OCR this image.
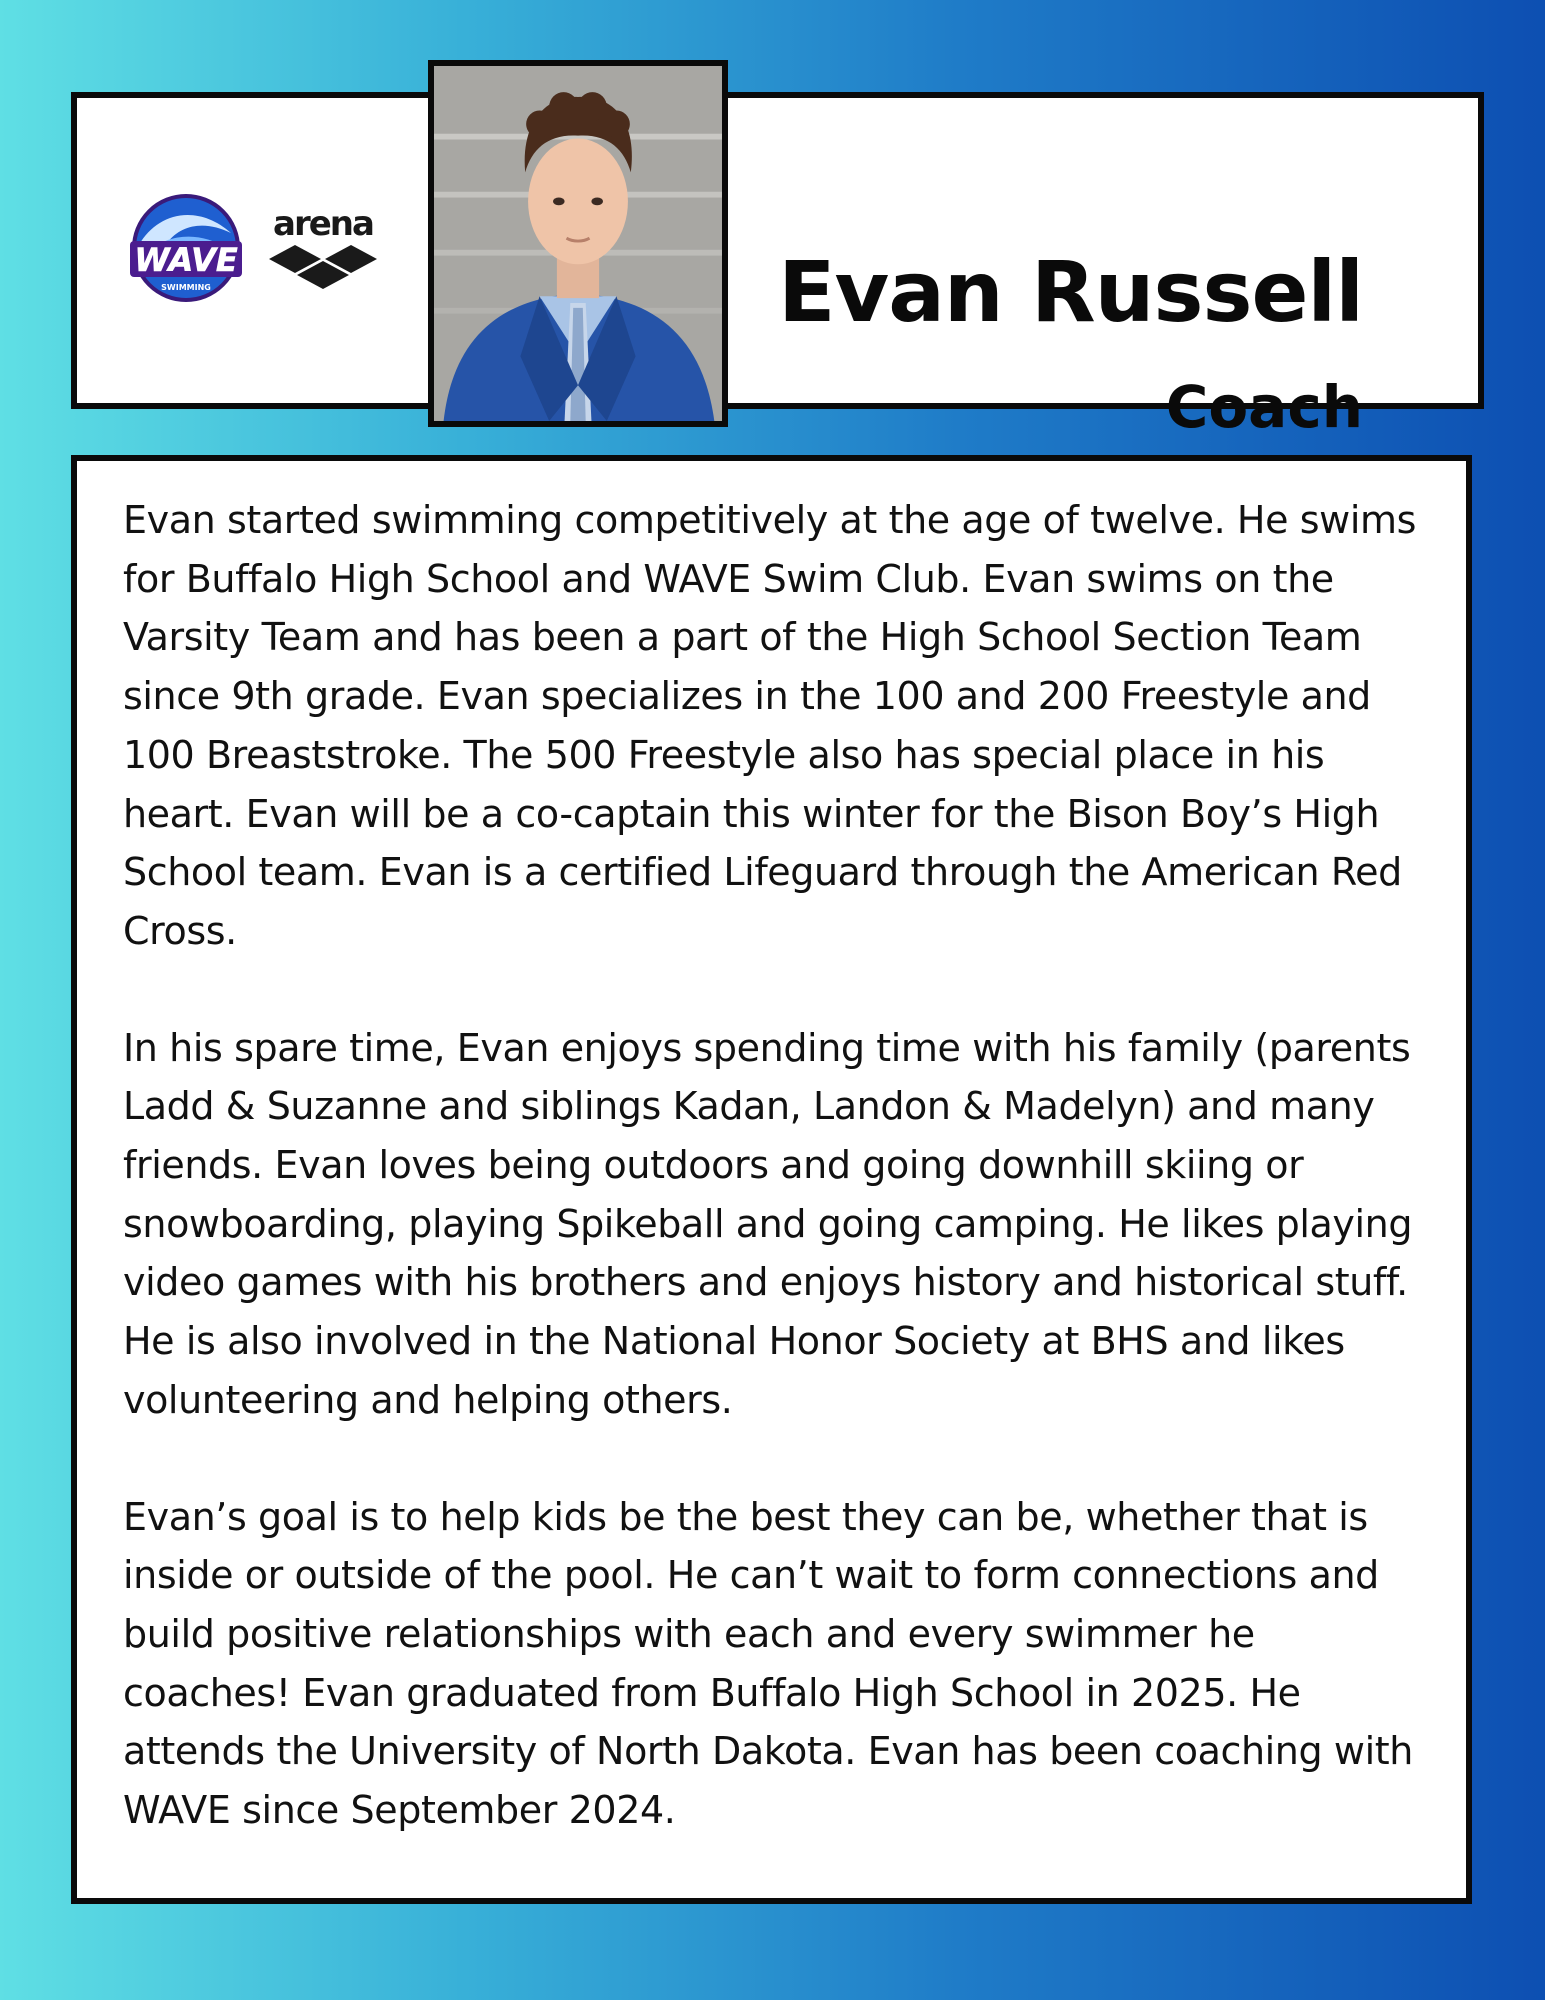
WAVE
SWIMMING
arena
Evan Russell
Coach

Evan started swimming competitively at the age of twelve. He swims for Buffalo High School and WAVE Swim Club. Evan swims on the Varsity Team and has been a part of the High School Section Team since 9th grade. Evan specializes in the 100 and 200 Freestyle and 100 Breaststroke. The 500 Freestyle also has special place in his heart. Evan will be a co-captain this winter for the Bison Boy’s High School team. Evan is a certified Lifeguard through the American Red Cross.

In his spare time, Evan enjoys spending time with his family (parents Ladd & Suzanne and siblings Kadan, Landon & Madelyn) and many friends. Evan loves being outdoors and going downhill skiing or snowboarding, playing Spikeball and going camping. He likes playing video games with his brothers and enjoys history and historical stuff. He is also involved in the National Honor Society at BHS and likes volunteering and helping others.

Evan’s goal is to help kids be the best they can be, whether that is inside or outside of the pool. He can’t wait to form connections and build positive relationships with each and every swimmer he coaches! Evan graduated from Buffalo High School in 2025. He attends the University of North Dakota. Evan has been coaching with WAVE since September 2024.
